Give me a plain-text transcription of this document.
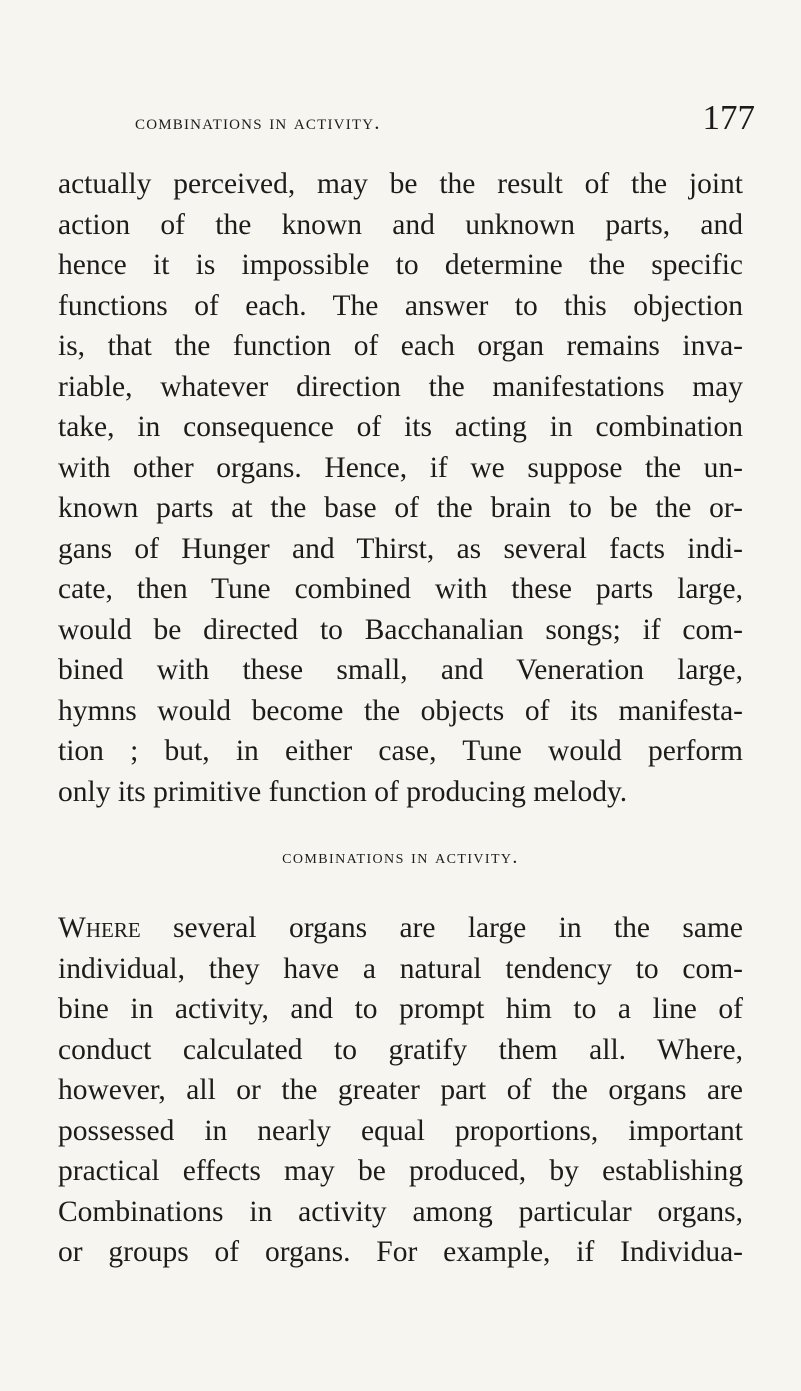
combinations in activity.	177
actually perceived, may be the result of the joint
action of the known and unknown parts, and
hence it is impossible to determine the specific
functions of each. The answer to this objection
is, that the function of each organ remains inva-
riable, whatever direction the manifestations may
take, in consequence of its acting in combination
with other organs. Hence, if we suppose the un-
known parts at the base of the brain to be the or-
gans of Hunger and Thirst, as several facts indi-
cate, then Tune combined with these parts large,
would be directed to Bacchanalian songs; if com-
bined with these small, and Veneration large,
hymns would become the objects of its manifesta-
tion ; but, in either case, Tune would perform
only its primitive function of producing melody.
combinations in activity.
Where several organs are large in the same
individual, they have a natural tendency to com-
bine in activity, and to prompt him to a line of
conduct calculated to gratify them all. Where,
however, all or the greater part of the organs are
possessed in nearly equal proportions, important
practical effects may be produced, by establishing
Combinations in activity among particular organs,
or groups of organs. For example, if Individua-
